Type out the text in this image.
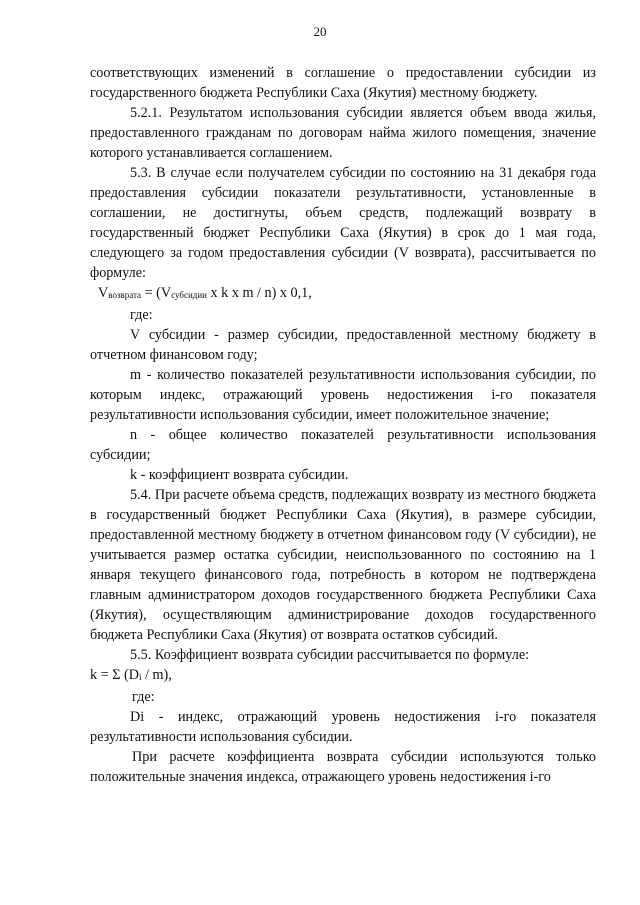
20

соответствующих изменений в соглашение о предоставлении субсидии из государственного бюджета Республики Саха (Якутия) местному бюджету.

5.2.1. Результатом использования субсидии является объем ввода жилья, предоставленного гражданам по договорам найма жилого помещения, значение которого устанавливается соглашением.

5.3. В случае если получателем субсидии по состоянию на 31 декабря года предоставления субсидии показатели результативности, установленные в соглашении, не достигнуты, объем средств, подлежащий возврату в государственный бюджет Республики Саха (Якутия) в срок до 1 мая года, следующего за годом предоставления субсидии (V возврата), рассчитывается по формуле:

$V_{возврата} = (V_{субсидии}$ x k x m / n) x 0,1,

где:

V субсидии - размер субсидии, предоставленной местному бюджету в отчетном финансовом году;

m - количество показателей результативности использования субсидии, по которым индекс, отражающий уровень недостижения i-го показателя результативности использования субсидии, имеет положительное значение;

n - общее количество показателей результативности использования субсидии;

k - коэффициент возврата субсидии.

5.4. При расчете объема средств, подлежащих возврату из местного бюджета в государственный бюджет Республики Саха (Якутия), в размере субсидии, предоставленной местному бюджету в отчетном финансовом году (V субсидии), не учитывается размер остатка субсидии, неиспользованного по состоянию на 1 января текущего финансового года, потребность в котором не подтверждена главным администратором доходов государственного бюджета Республики Саха (Якутия), осуществляющим администрирование доходов государственного бюджета Республики Саха (Якутия) от возврата остатков субсидий.

5.5. Коэффициент возврата субсидии рассчитывается по формуле:

k = Σ $(D_i / m)$,

где:

Di - индекс, отражающий уровень недостижения i-го показателя результативности использования субсидии.

При расчете коэффициента возврата субсидии используются только положительные значения индекса, отражающего уровень недостижения i-го
